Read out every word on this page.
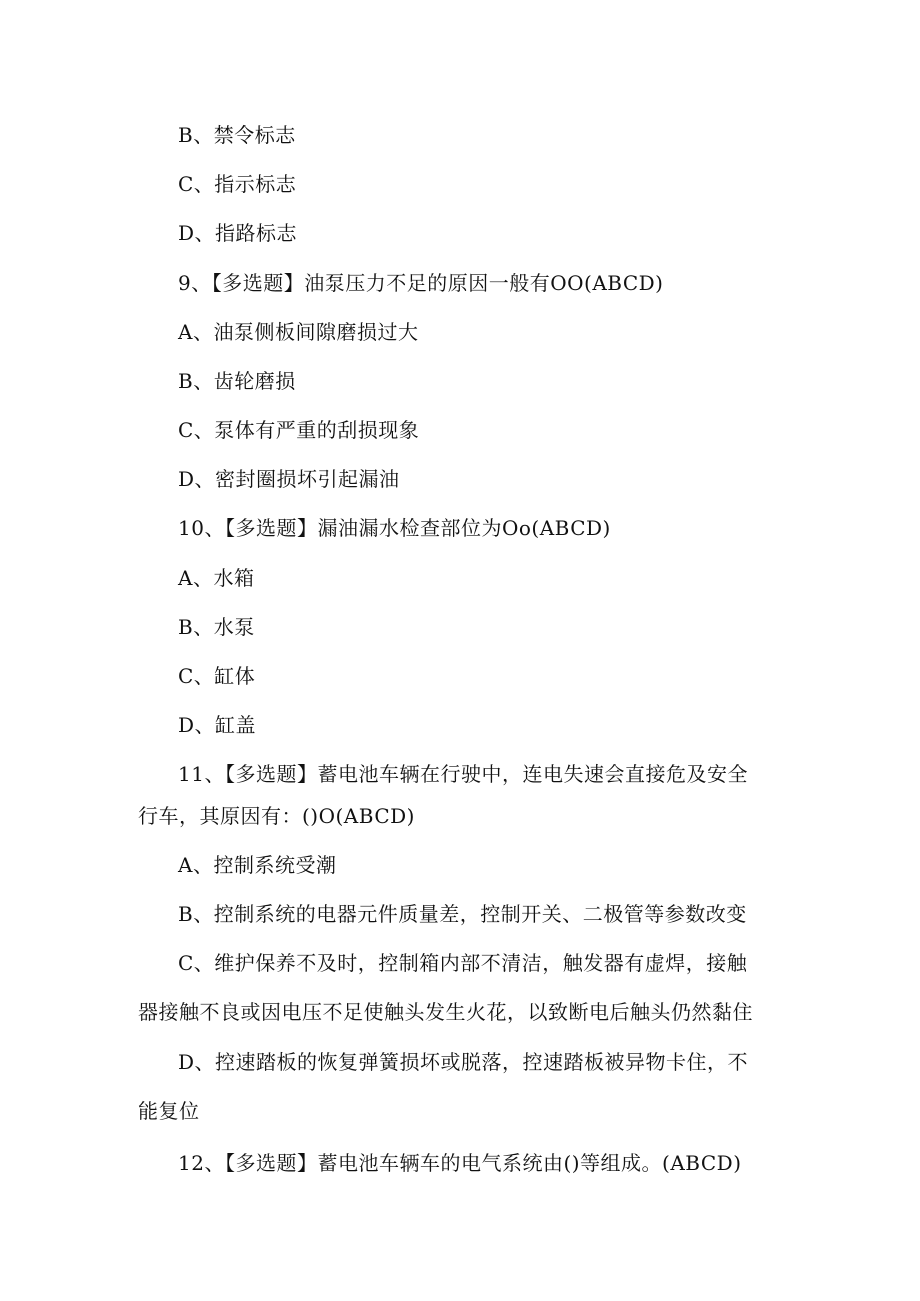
B、禁令标志
C、指示标志
D、指路标志
9、【多选题】油泵压力不足的原因一般有OO(ABCD)
A、油泵侧板间隙磨损过大
B、齿轮磨损
C、泵体有严重的刮损现象
D、密封圈损坏引起漏油
10、【多选题】漏油漏水检查部位为Oo(ABCD)
A、水箱
B、水泵
C、缸体
D、缸盖
11、【多选题】蓄电池车辆在行驶中，连电失速会直接危及安全
行车，其原因有：()O(ABCD)
A、控制系统受潮
B、控制系统的电器元件质量差，控制开关、二极管等参数改变
C、维护保养不及时，控制箱内部不清洁，触发器有虚焊，接触
器接触不良或因电压不足使触头发生火花，以致断电后触头仍然黏住
D、控速踏板的恢复弹簧损坏或脱落，控速踏板被异物卡住，不
能复位
12、【多选题】蓄电池车辆车的电气系统由()等组成。(ABCD)
